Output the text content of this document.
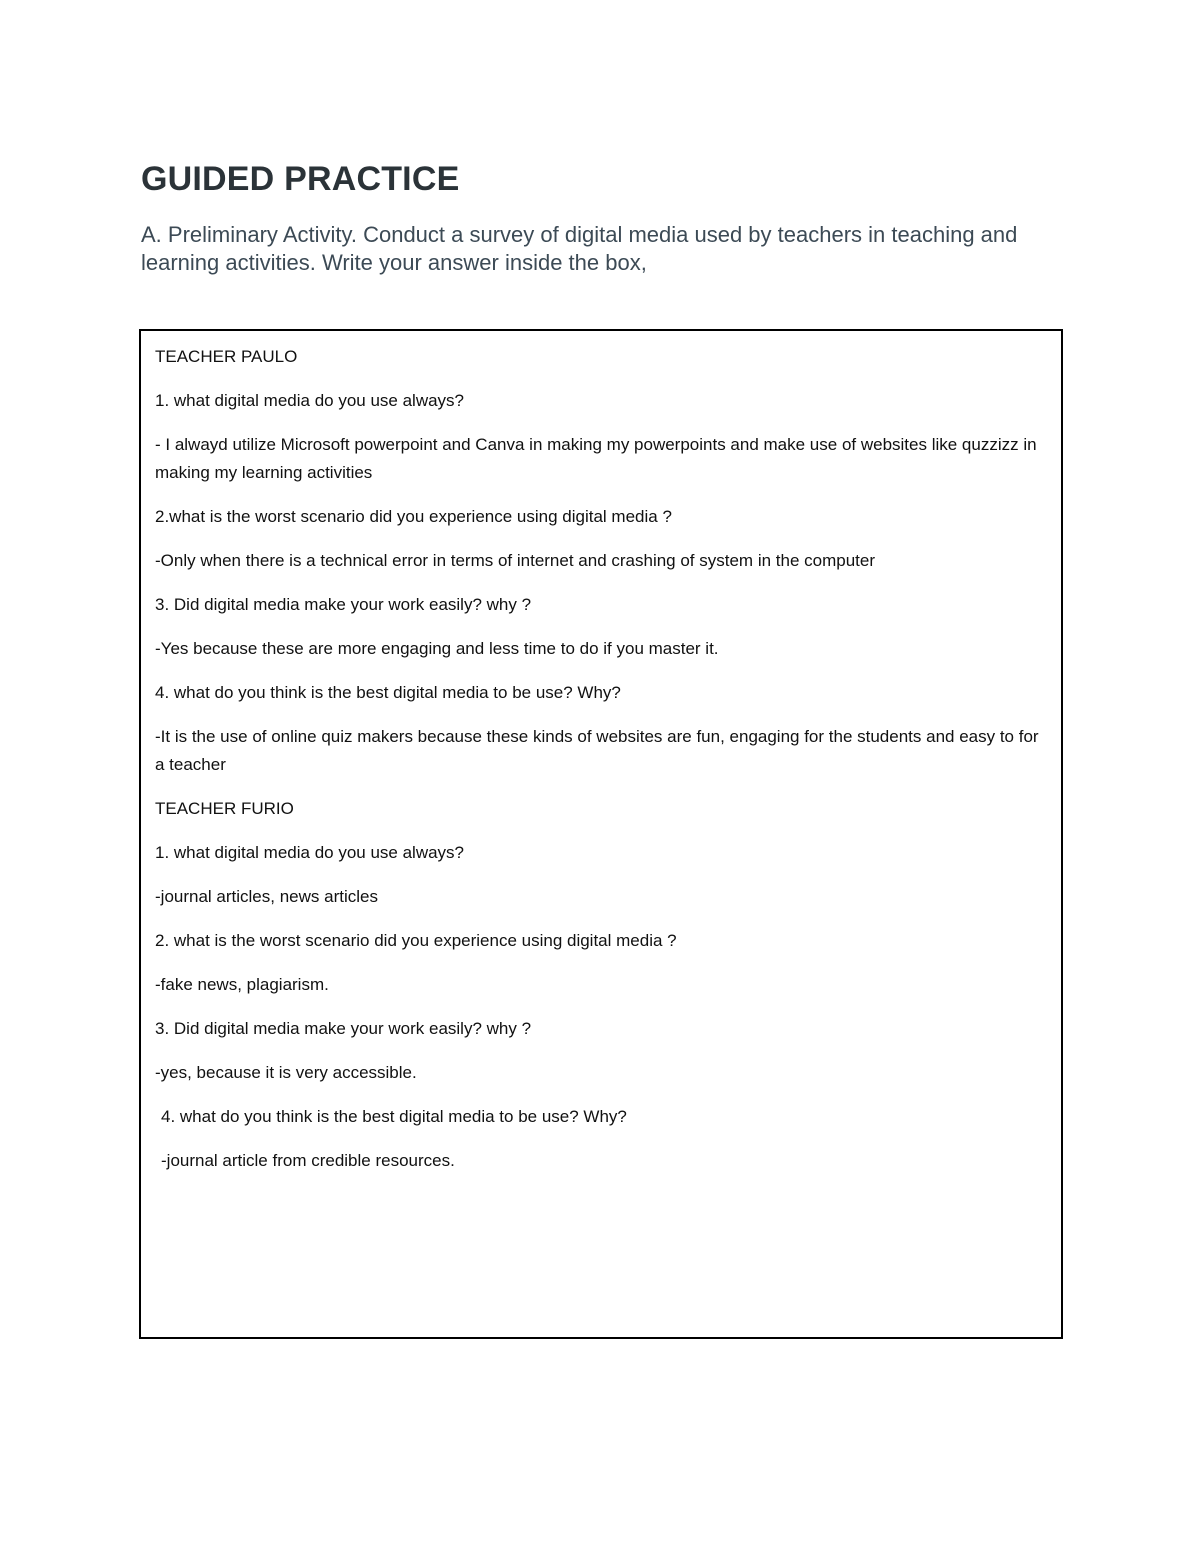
GUIDED PRACTICE

A. Preliminary Activity. Conduct a survey of digital media used by teachers in teaching and learning activities. Write your answer inside the box,

TEACHER PAULO

1. what digital media do you use always?

- I alwayd utilize Microsoft powerpoint and Canva in making my powerpoints and make use of websites like quzzizz in making my learning activities

2.what is the worst scenario did you experience using digital media ?

-Only when there is a technical error in terms of internet and crashing of system in the computer

3. Did digital media make your work easily? why ?

-Yes because these are more engaging and less time to do if you master it.

4. what do you think is the best digital media to be use? Why?

-It is the use of online quiz makers because these kinds of websites are fun, engaging for the students and easy to for a teacher

TEACHER FURIO

1. what digital media do you use always?

-journal articles, news articles

2. what is the worst scenario did you experience using digital media ?

-fake news, plagiarism.

3. Did digital media make your work easily? why ?

-yes, because it is very accessible.

4. what do you think is the best digital media to be use? Why?

-journal article from credible resources.
